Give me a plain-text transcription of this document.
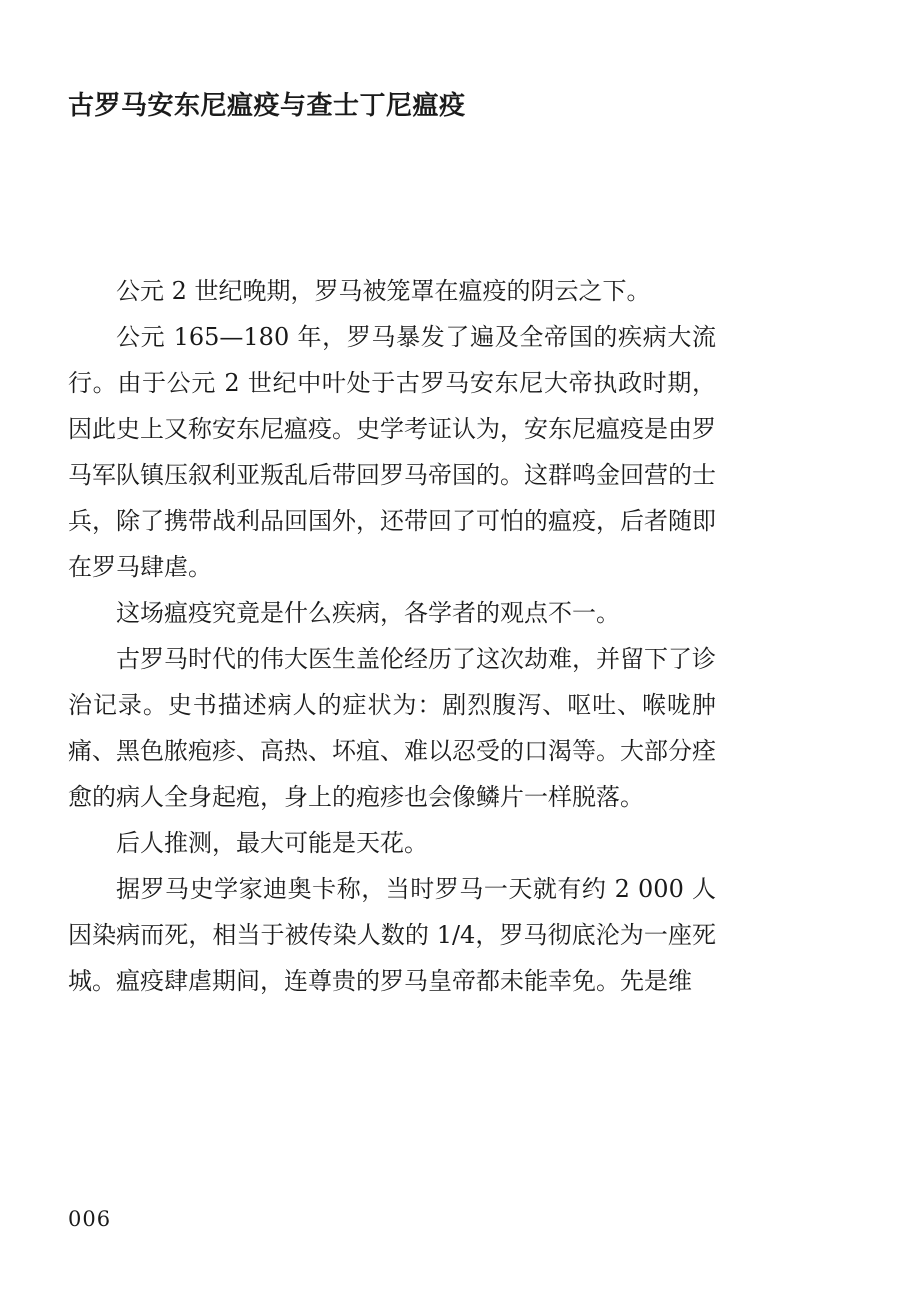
古罗马安东尼瘟疫与查士丁尼瘟疫

公元 2 世纪晚期，罗马被笼罩在瘟疫的阴云之下。

公元 165—180 年，罗马暴发了遍及全帝国的疾病大流行。由于公元 2 世纪中叶处于古罗马安东尼大帝执政时期，因此史上又称安东尼瘟疫。史学考证认为，安东尼瘟疫是由罗马军队镇压叙利亚叛乱后带回罗马帝国的。这群鸣金回营的士兵，除了携带战利品回国外，还带回了可怕的瘟疫，后者随即在罗马肆虐。

这场瘟疫究竟是什么疾病，各学者的观点不一。

古罗马时代的伟大医生盖伦经历了这次劫难，并留下了诊治记录。史书描述病人的症状为：剧烈腹泻、呕吐、喉咙肿痛、黑色脓疱疹、高热、坏疽、难以忍受的口渴等。大部分痊愈的病人全身起疱，身上的疱疹也会像鳞片一样脱落。

后人推测，最大可能是天花。

据罗马史学家迪奥卡称，当时罗马一天就有约 2 000 人因染病而死，相当于被传染人数的 1/4，罗马彻底沦为一座死城。瘟疫肆虐期间，连尊贵的罗马皇帝都未能幸免。先是维

006
